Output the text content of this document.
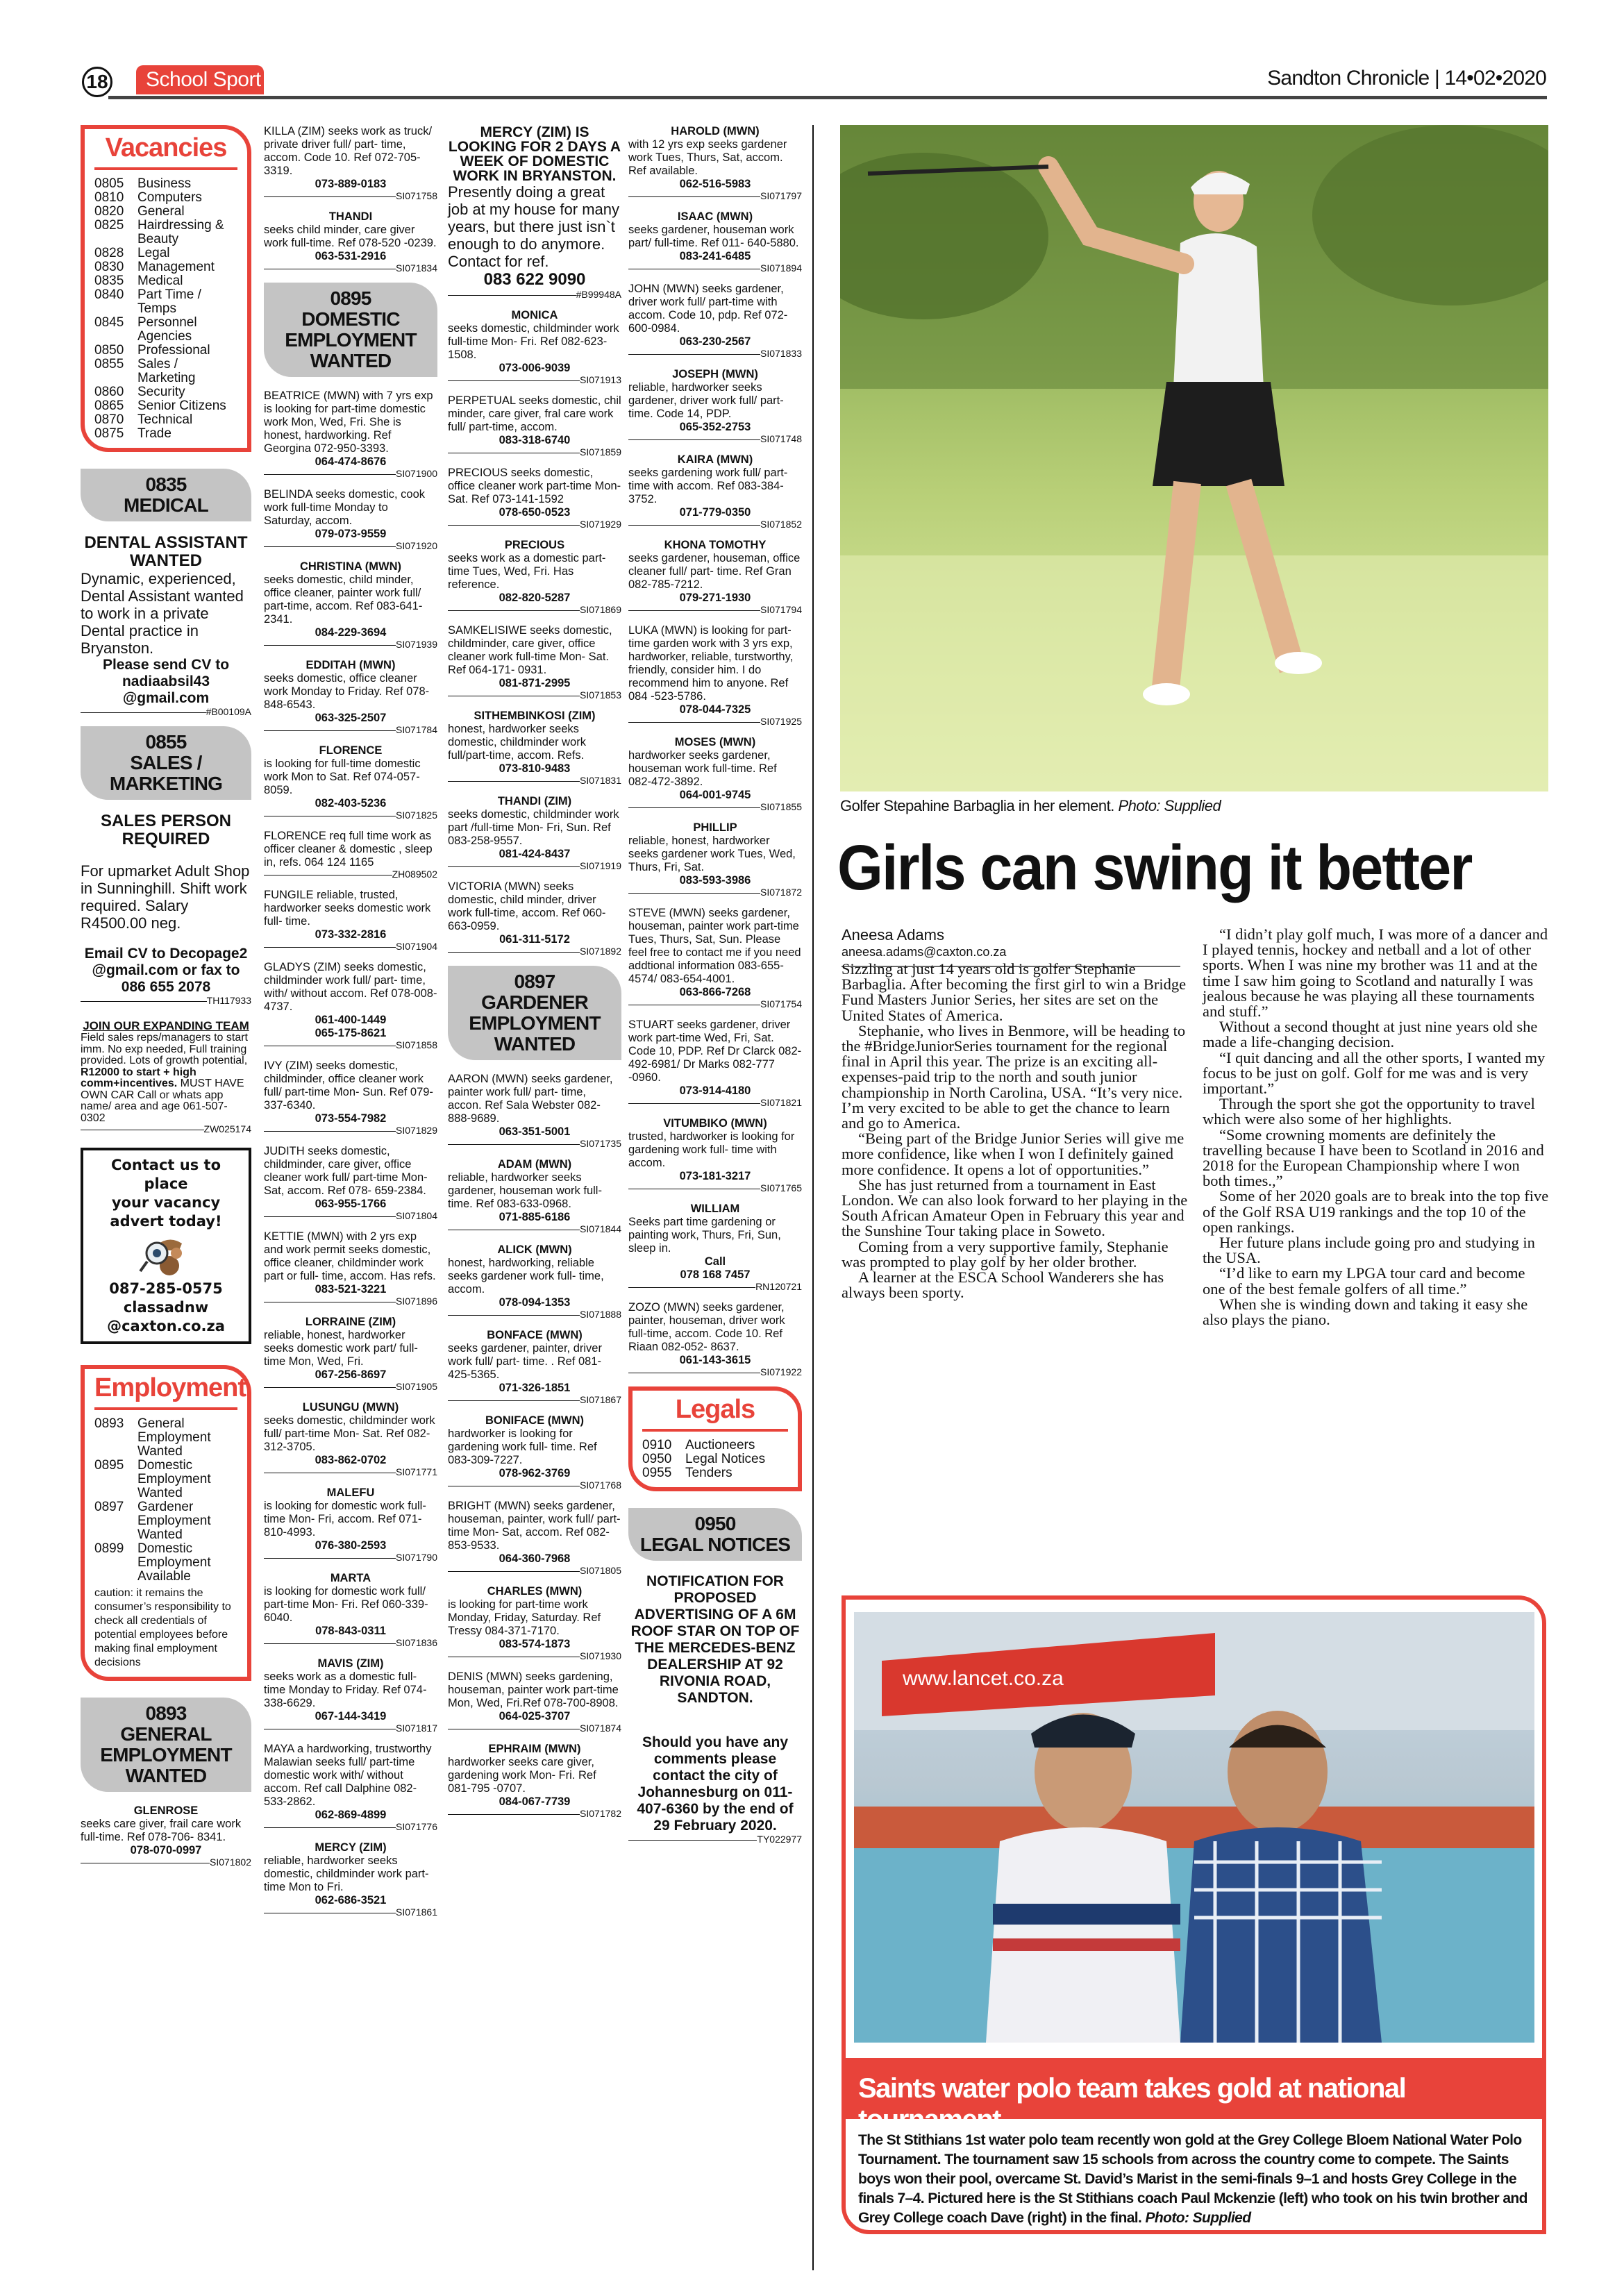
18	School Sport	Sandton Chronicle | 14•02•2020
Vacancies
0805	Business
0810	Computers
0820	General
0825	Hairdressing & Beauty
0828	Legal
0830	Management
0835	Medical
0840	Part Time / Temps
0845	Personnel Agencies
0850	Professional
0855	Sales / Marketing
0860	Security
0865	Senior Citizens
0870	Technical
0875	Trade
0835
MEDICAL
DENTAL ASSISTANT WANTED
Dynamic, experienced, Dental Assistant wanted to work in a private Dental practice in Bryanston.
Please send CV to nadiaabsil43 @gmail.com
#B00109A
0855
SALES / MARKETING
SALES PERSON REQUIRED
For upmarket Adult Shop in Sunninghill. Shift work required. Salary R4500.00 neg.
Email CV to Decopage2 @gmail.com or fax to 086 655 2078
TH117933
JOIN OUR EXPANDING TEAM
Field sales reps/managers to start imm. No exp needed, Full training provided. Lots of growth potential, R12000 to start + high comm+incentives. MUST HAVE OWN CAR Call or whats app name/ area and age 061-507-0302
ZW025174
Contact us to place
your vacancy
advert today!
087-285-0575
classadnw
@caxton.co.za
Employment
0893	General Employment Wanted
0895	Domestic Employment Wanted
0897	Gardener Employment Wanted
0899	Domestic Employment Available
caution: it remains the consumer’s responsibility to check all credentials of potential employees before making final employment decisions
0893
GENERAL EMPLOYMENT WANTED
GLENROSE
seeks care giver, frail care work full-time. Ref 078-706- 8341.
078-070-0997
SI071802
KILLA (ZIM) seeks work as truck/ private driver full/ part- time, accom. Code 10. Ref 072-705-3319.
073-889-0183
SI071758
THANDI
seeks child minder, care giver work full-time. Ref 078-520 -0239.
063-531-2916
SI071834
0895
DOMESTIC EMPLOYMENT WANTED
BEATRICE (MWN) with 7 yrs exp is looking for part-time domestic work Mon, Wed, Fri. She is honest, hardworking. Ref Georgina 072-950-3393.
064-474-8676
SI071900
BELINDA seeks domestic, cook work full-time Monday to Saturday, accom.
079-073-9559
SI071920
CHRISTINA (MWN)
seeks domestic, child minder, office cleaner, painter work full/ part-time, accom. Ref 083-641-2341.
084-229-3694
SI071939
EDDITAH (MWN)
seeks domestic, office cleaner work Monday to Friday. Ref 078-848-6543.
063-325-2507
SI071784
FLORENCE
is looking for full-time domestic work Mon to Sat. Ref 074-057-8059.
082-403-5236
SI071825
FLORENCE req full time work as officer cleaner & domestic , sleep in, refs. 064 124 1165
ZH089502
FUNGILE reliable, trusted, hardworker seeks domestic work full- time.
073-332-2816
SI071904
GLADYS (ZIM) seeks domestic, childminder work full/ part- time, with/ without accom. Ref 078-008-4737.
061-400-1449
065-175-8621
SI071858
IVY (ZIM) seeks domestic, childminder, office cleaner work full/ part-time Mon- Sun. Ref 079-337-6340.
073-554-7982
SI071829
JUDITH seeks domestic, childminder, care giver, office cleaner work full/ part-time Mon- Sat, accom. Ref 078- 659-2384.
063-955-1766
SI071804
KETTIE (MWN) with 2 yrs exp and work permit seeks domestic, office cleaner, childminder work part or full- time, accom. Has refs.
083-521-3221
SI071896
LORRAINE (ZIM)
reliable, honest, hardworker seeks domestic work part/ full-time Mon, Wed, Fri.
067-256-8697
SI071905
LUSUNGU (MWN)
seeks domestic, childminder work full/ part-time Mon- Sat. Ref 082-312-3705.
083-862-0702
SI071771
MALEFU
is looking for domestic work full-time Mon- Fri, accom. Ref 071-810-4993.
076-380-2593
SI071790
MARTA
is looking for domestic work full/ part-time Mon- Fri. Ref 060-339-6040.
078-843-0311
SI071836
MAVIS (ZIM)
seeks work as a domestic full-time Monday to Friday. Ref 074-338-6629.
067-144-3419
SI071817
MAYA a hardworking, trustworthy Malawian seeks full/ part-time domestic work with/ without accom. Ref call Dalphine 082-533-2862.
062-869-4899
SI071776
MERCY (ZIM)
reliable, hardworker seeks domestic, childminder work part-time Mon to Fri.
062-686-3521
SI071861
MERCY (ZIM) IS LOOKING FOR 2 DAYS A WEEK OF DOMESTIC WORK IN BRYANSTON.
Presently doing a great job at my house for many years, but there just isn`t enough to do anymore. Contact for ref.
083 622 9090
#B99948A
MONICA
seeks domestic, childminder work full-time Mon- Fri. Ref 082-623-1508.
073-006-9039
SI071913
PERPETUAL seeks domestic, chil minder, care giver, fral care work full/ part-time, accom.
083-318-6740
SI071859
PRECIOUS seeks domestic, office cleaner work part-time Mon- Sat. Ref 073-141-1592
078-650-0523
SI071929
PRECIOUS
seeks work as a domestic part-time Tues, Wed, Fri. Has reference.
082-820-5287
SI071869
SAMKELISIWE seeks domestic, childminder, care giver, office cleaner work full-time Mon- Sat. Ref 064-171- 0931.
081-871-2995
SI071853
SITHEMBINKOSI (ZIM)
honest, hardworker seeks domestic, childminder work full/part-time, accom. Refs.
073-810-9483
SI071831
THANDI (ZIM)
seeks domestic, childminder work part /full-time Mon- Fri, Sun. Ref 083-258-9557.
081-424-8437
SI071919
VICTORIA (MWN) seeks domestic, child minder, driver work full-time, accom. Ref 060-663-0959.
061-311-5172
SI071892
0897
GARDENER EMPLOYMENT WANTED
AARON (MWN) seeks gardener, painter work full/ part- time, accon. Ref Sala Webster 082-888-9689.
063-351-5001
SI071735
ADAM (MWN)
reliable, hardworker seeks gardener, houseman work full-time. Ref 083-633-0968.
071-885-6186
SI071844
ALICK (MWN)
honest, hardworking, reliable seeks gardener work full- time, accom.
078-094-1353
SI071888
BONFACE (MWN)
seeks gardener, painter, driver work full/ part- time. . Ref 081-425-5365.
071-326-1851
SI071867
BONIFACE (MWN)
hardworker is looking for gardening work full- time. Ref 083-309-7227.
078-962-3769
SI071768
BRIGHT (MWN) seeks gardener, houseman, painter, work full/ part-time Mon- Sat, accom. Ref 082-853-9533.
064-360-7968
SI071805
CHARLES (MWN)
is looking for part-time work Monday, Friday, Saturday. Ref Tressy 084-371-7170.
083-574-1873
SI071930
DENIS (MWN) seeks gardening, houseman, painter work part-time Mon, Wed, Fri.Ref 078-700-8908.
064-025-3707
SI071874
EPHRAIM (MWN)
hardworker seeks care giver, gardening work Mon- Fri. Ref 081-795 -0707.
084-067-7739
SI071782
HAROLD (MWN)
with 12 yrs exp seeks gardener work Tues, Thurs, Sat, accom. Ref available.
062-516-5983
SI071797
ISAAC (MWN)
seeks gardener, houseman work part/ full-time. Ref 011- 640-5880.
083-241-6485
SI071894
JOHN (MWN) seeks gardener, driver work full/ part-time with accom. Code 10, pdp. Ref 072-600-0984.
063-230-2567
SI071833
JOSEPH (MWN)
reliable, hardworker seeks gardener, driver work full/ part-time. Code 14, PDP.
065-352-2753
SI071748
KAIRA (MWN)
seeks gardening work full/ part-time with accom. Ref 083-384-3752.
071-779-0350
SI071852
KHONA TOMOTHY
seeks gardener, houseman, office cleaner full/ part- time. Ref Gran 082-785-7212.
079-271-1930
SI071794
LUKA (MWN) is looking for part-time garden work with 3 yrs exp, hardworker, reliable, turstworthy, friendly, consider him. I do recommend him to anyone. Ref 084 -523-5786.
078-044-7325
SI071925
MOSES (MWN)
hardworker seeks gardener, houseman work full-time. Ref 082-472-3892.
064-001-9745
SI071855
PHILLIP
reliable, honest, hardworker seeks gardener work Tues, Wed, Thurs, Fri, Sat.
083-593-3986
SI071872
STEVE (MWN) seeks gardener, houseman, painter work part-time Tues, Thurs, Sat, Sun. Please feel free to contact me if you need addtional information 083-655- 4574/ 083-654-4001.
063-866-7268
SI071754
STUART seeks gardener, driver work part-time Wed, Fri, Sat. Code 10, PDP. Ref Dr Clarck 082-492-6981/ Dr Marks 082-777 -0960.
073-914-4180
SI071821
VITUMBIKO (MWN)
trusted, hardworker is looking for gardening work full- time with accom.
073-181-3217
SI071765
WILLIAM
Seeks part time gardening or painting work, Thurs, Fri, Sun, sleep in.
Call
078 168 7457
RN120721
ZOZO (MWN) seeks gardener, painter, houseman, driver work full-time, accom. Code 10. Ref Riaan 082-052- 8637.
061-143-3615
SI071922
Legals
0910	Auctioneers
0950	Legal Notices
0955	Tenders
0950
LEGAL NOTICES
NOTIFICATION FOR PROPOSED ADVERTISING OF A 6M ROOF STAR ON TOP OF THE MERCEDES-BENZ DEALERSHIP AT 92 RIVONIA ROAD, SANDTON.
Should you have any comments please contact the city of Johannesburg on 011-407-6360 by the end of 29 February 2020.
TY022977
Golfer Stepahine Barbaglia in her element. Photo: Supplied
Girls can swing it better
Aneesa Adams
aneesa.adams@caxton.co.za

Sizzling at just 14 years old is golfer Stephanie Barbaglia. After becoming the first girl to win a Bridge Fund Masters Junior Series, her sites are set on the United States of America.

Stephanie, who lives in Benmore, will be heading to the #BridgeJuniorSeries tournament for the regional final in April this year. The prize is an exciting all-expenses-paid trip to the north and south junior championship in North Carolina, USA. “It’s very nice. I’m very excited to be able to get the chance to learn and go to America.

“Being part of the Bridge Junior Series will give me more confidence, like when I won I definitely gained more confidence. It opens a lot of opportunities.”

She has just returned from a tournament in East London. We can also look forward to her playing in the South African Amateur Open in February this year and the Sunshine Tour taking place in Soweto.

Coming from a very supportive family, Stephanie was prompted to play golf by her older brother.

A learner at the ESCA School Wanderers she has always been sporty.

“I didn’t play golf much, I was more of a dancer and I played tennis, hockey and netball and a lot of other sports. When I was nine my brother was 11 and at the time I saw him going to Scotland and naturally I was jealous because he was playing all these tournaments and stuff.”

Without a second thought at just nine years old she made a life-changing decision.

“I quit dancing and all the other sports, I wanted my focus to be just on golf. Golf for me was and is very important.”

Through the sport she got the opportunity to travel which were also some of her highlights.

“Some crowning moments are definitely the travelling because I have been to Scotland in 2016 and 2018 for the European Championship where I won both times.,”

Some of her 2020 goals are to break into the top five of the Golf RSA U19 rankings and the top 10 of the open rankings.

Her future plans include going pro and studying in the USA.

“I’d like to earn my LPGA tour card and become one of the best female golfers of all time.”

When she is winding down and taking it easy she also plays the piano.

www.lancet.co.za
Saints water polo team takes gold at national tournament
The St Stithians 1st water polo team recently won gold at the Grey College Bloem National Water Polo Tournament. The tournament saw 15 schools from across the country come to compete. The Saints boys won their pool, overcame St. David’s Marist in the semi-finals 9–1 and hosts Grey College in the finals 7–4. Pictured here is the St Stithians coach Paul Mckenzie (left) who took on his twin brother and Grey College coach Dave (right) in the final. Photo: Supplied
